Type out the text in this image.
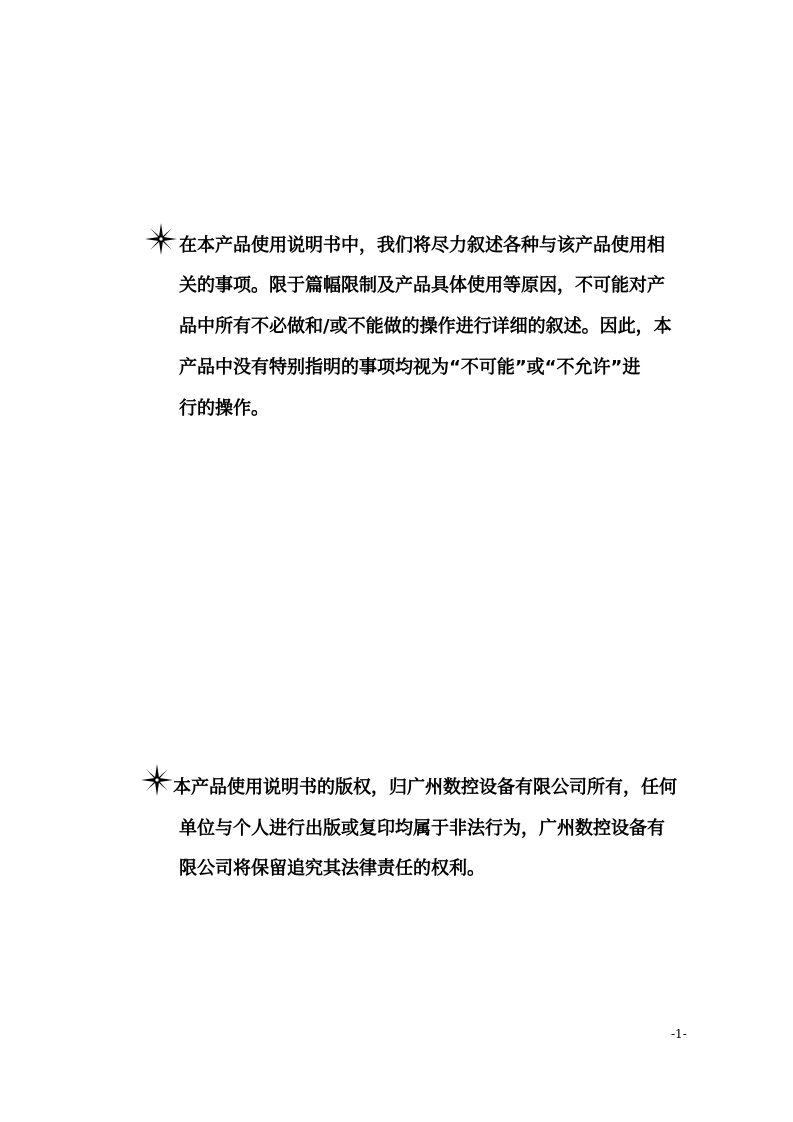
在本产品使用说明书中，我们将尽力叙述各种与该产品使用相
关的事项。限于篇幅限制及产品具体使用等原因，不可能对产
品中所有不必做和/或不能做的操作进行详细的叙述。因此，本
产品中没有特别指明的事项均视为“不可能”或“不允许”进
行的操作。
本产品使用说明书的版权，归广州数控设备有限公司所有，任何
单位与个人进行出版或复印均属于非法行为，广州数控设备有
限公司将保留追究其法律责任的权利。
-1-
